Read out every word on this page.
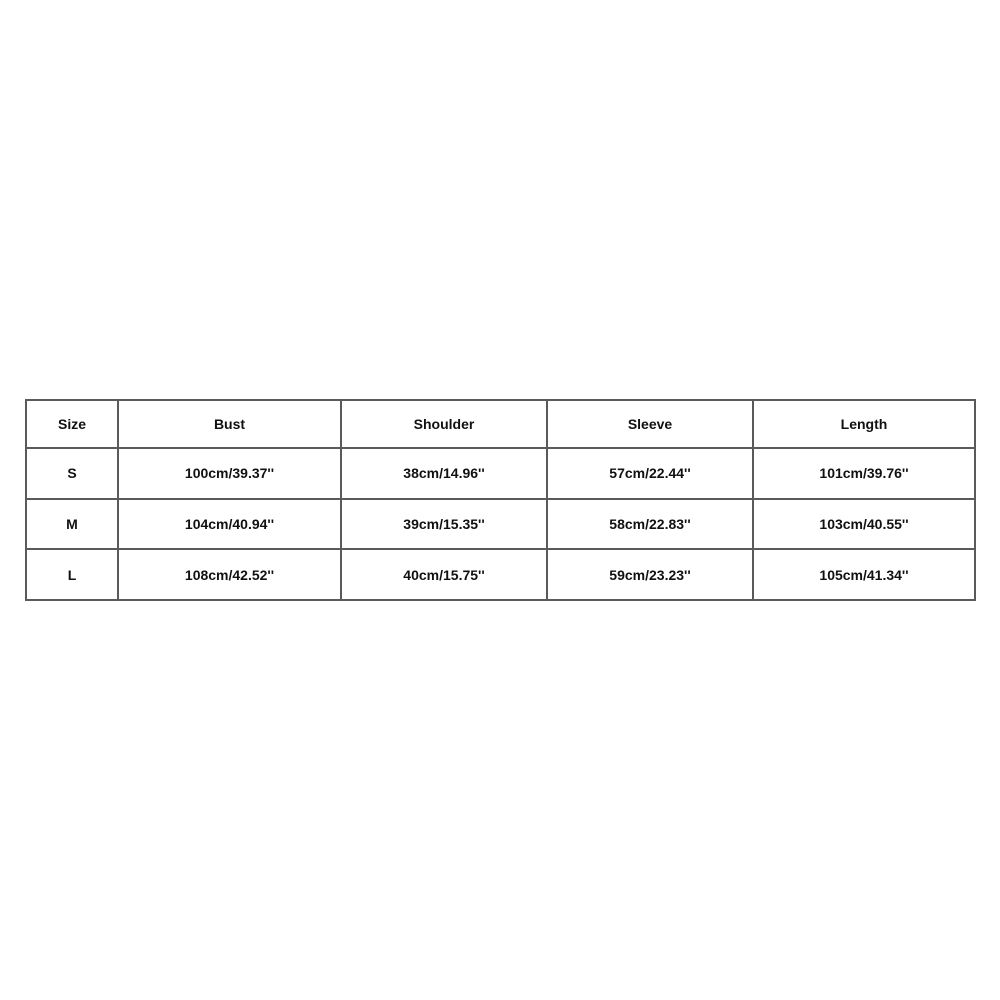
Size	Bust	Shoulder	Sleeve	Length
S	100cm/39.37''	38cm/14.96''	57cm/22.44''	101cm/39.76''
M	104cm/40.94''	39cm/15.35''	58cm/22.83''	103cm/40.55''
L	108cm/42.52''	40cm/15.75''	59cm/23.23''	105cm/41.34''
